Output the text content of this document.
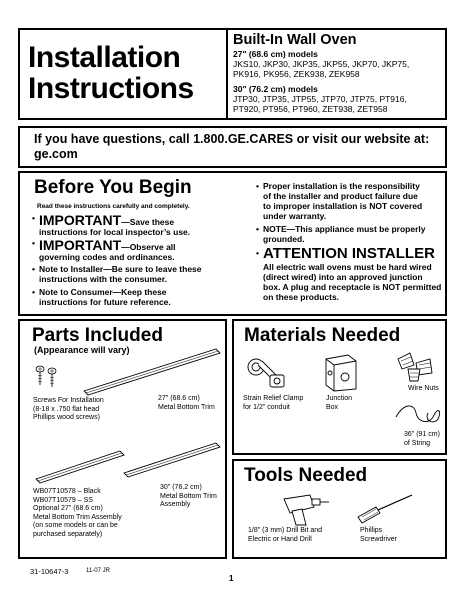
Installation
Instructions
Built-In Wall Oven
27" (68.6 cm) models
JKS10, JKP30, JKP35, JKP55, JKP70, JKP75,
PK916, PK956, ZEK938, ZEK958
30" (76.2 cm) models
JTP30, JTP35, JTP55, JTP70, JTP75, PT916,
PT920, PT956, PT960, ZET938, ZET958
If you have questions, call 1.800.GE.CARES or visit our website at:
ge.com
Before You Begin
Read these instructions carefully and completely.
• IMPORTANT—Save these
instructions for local inspector’s use.
• IMPORTANT—Observe all
governing codes and ordinances.
• Note to Installer—Be sure to leave these
instructions with the consumer.
• Note to Consumer—Keep these
instructions for future reference.
• Proper installation is the responsibility
of the installer and product failure due
to improper installation is NOT covered
under warranty.
• NOTE—This appliance must be properly
grounded.
• ATTENTION INSTALLER
All electric wall ovens must be hard wired
(direct wired) into an approved junction
box. A plug and receptacle is NOT permitted
on these products.
Parts Included
(Appearance will vary)
Screws For Installation
(8-18 x .750 flat head
Phillips wood screws)
27" (68.6 cm)
Metal Bottom Trim
WB07T10578 – Black
WB07T10579 – SS
Optional 27" (68.6 cm)
Metal Bottom Trim Assembly
(on some models or can be
purchased separately)
30" (76.2 cm)
Metal Bottom Trim
Assembly
Materials Needed
Strain Relief Clamp
for 1/2" conduit
Junction
Box
Wire Nuts
36" (91 cm)
of String
Tools Needed
1/8" (3 mm) Drill Bit and
Electric or Hand Drill
Phillips
Screwdriver
31-10647-3	11-07 JR
1
